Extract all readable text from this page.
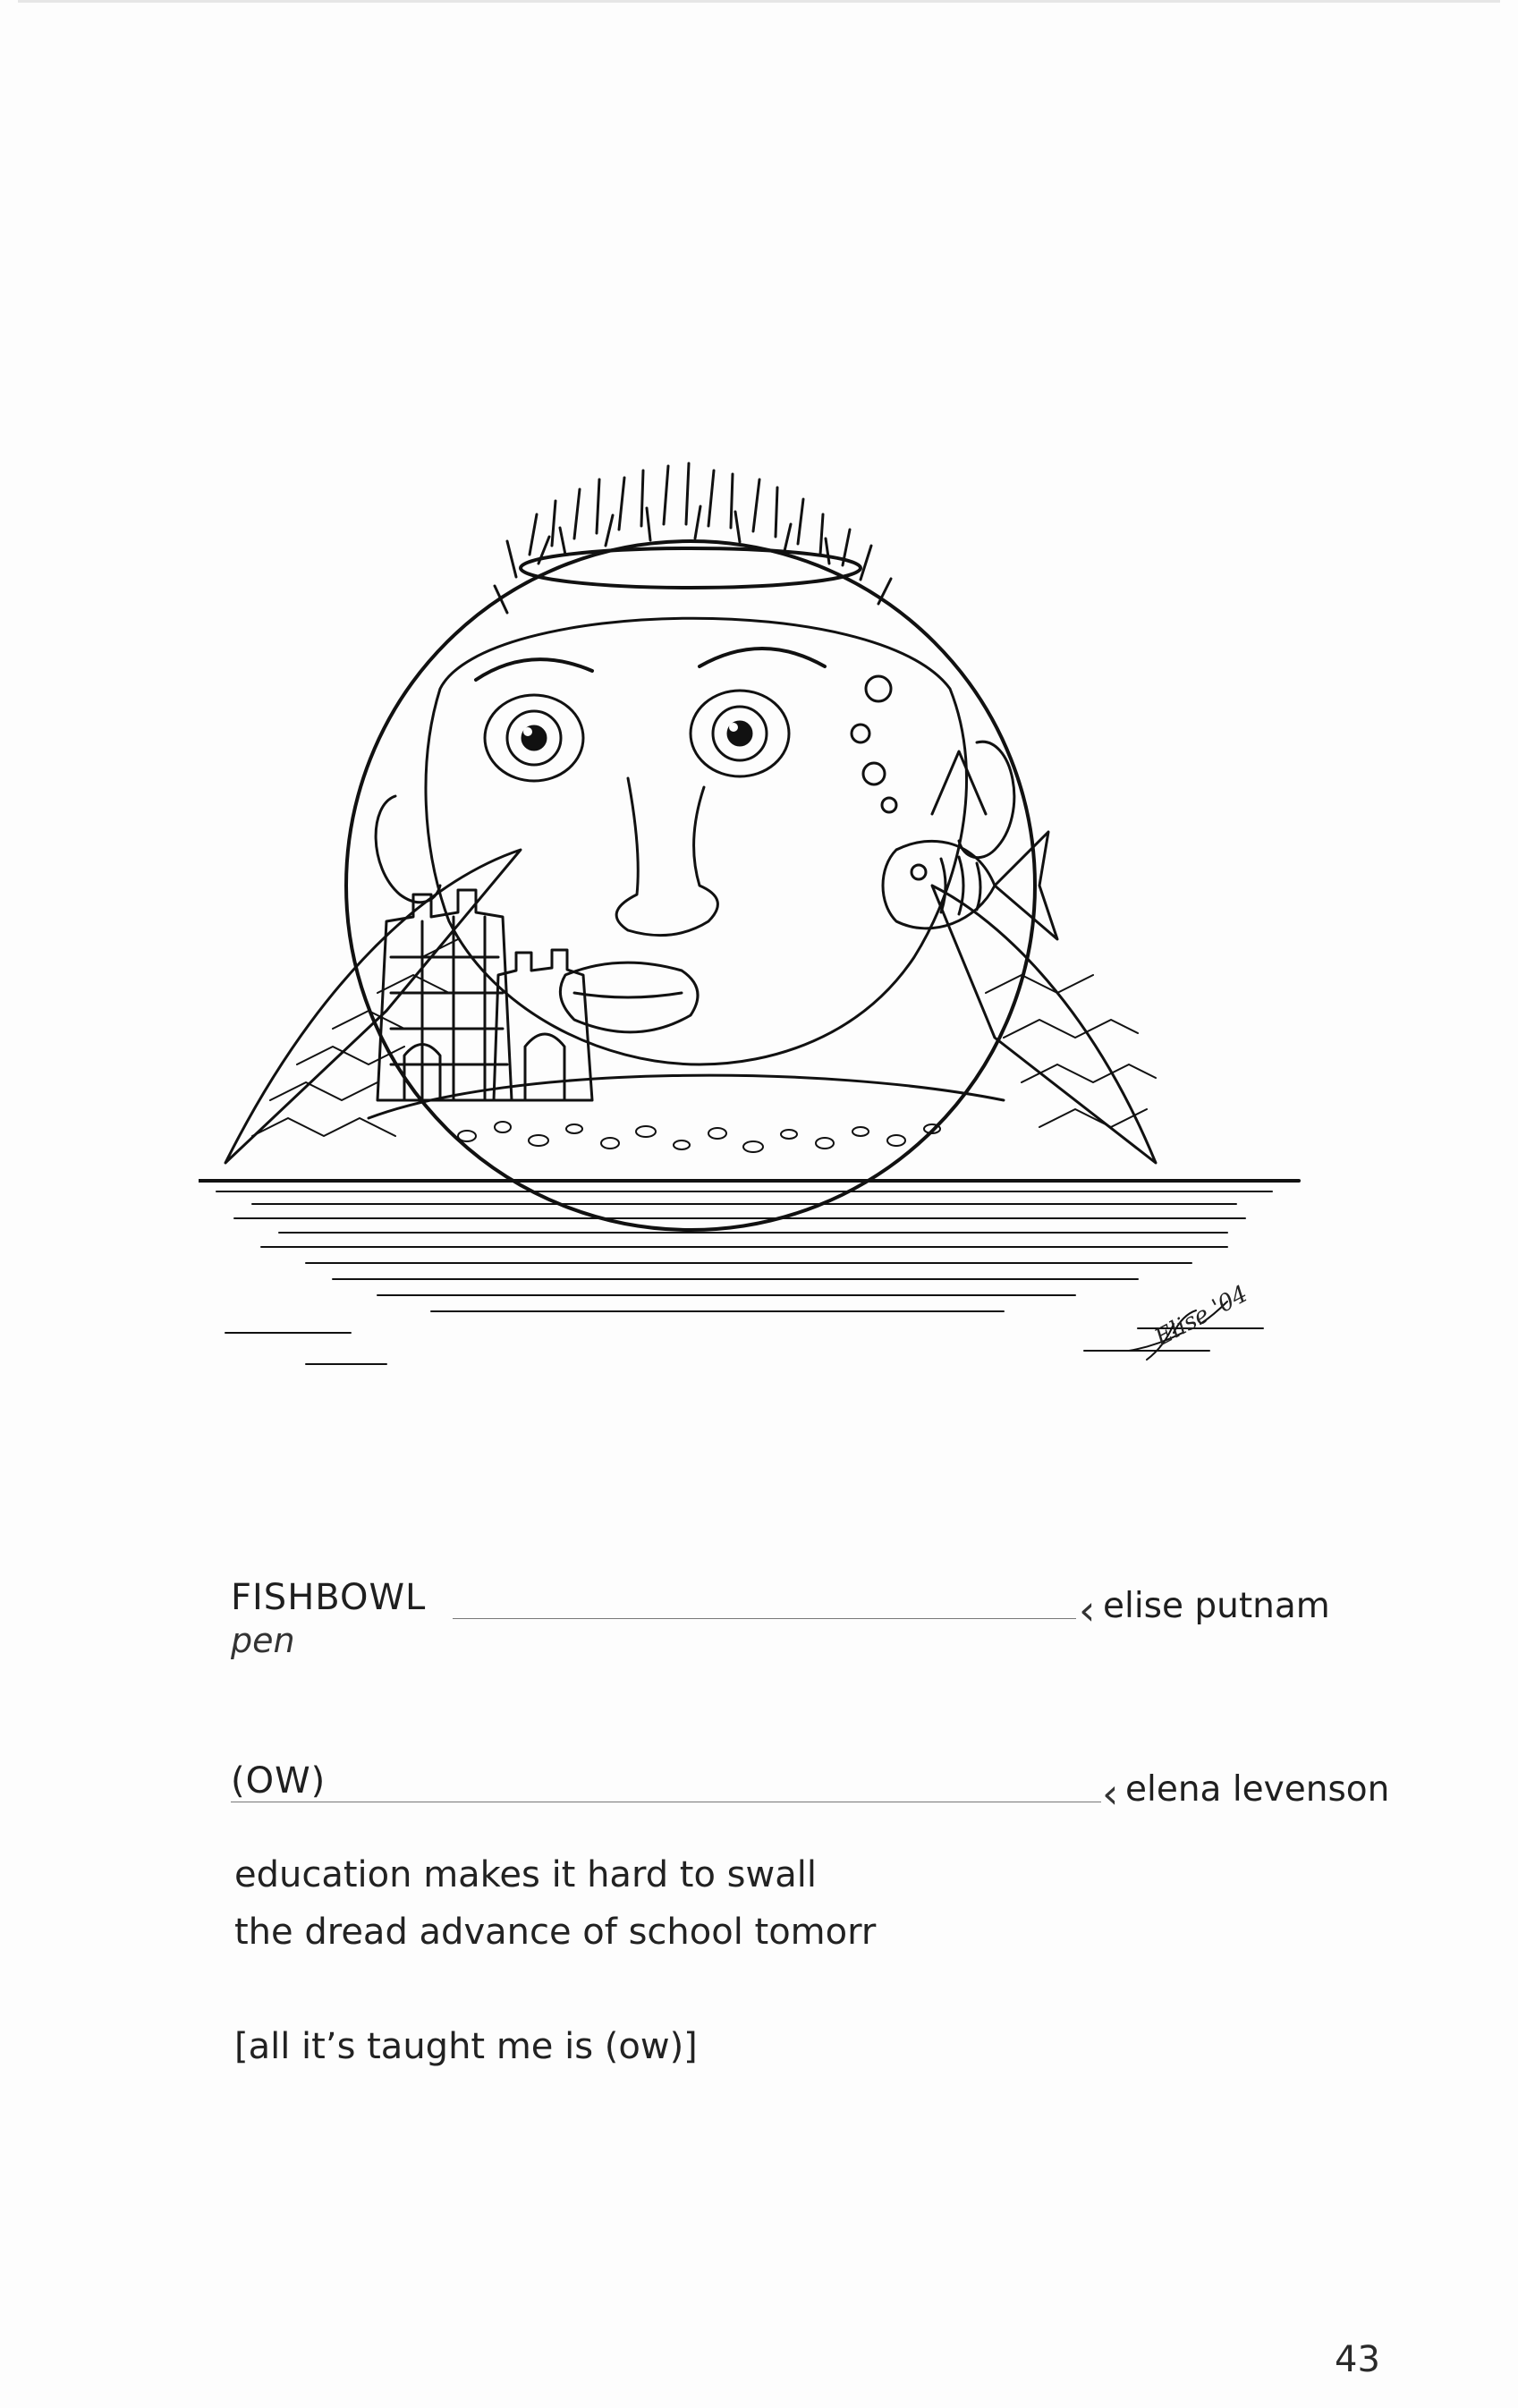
Elise '04
FISHBOWL	‹ elise putnam
pen
(OW)	‹ elena levenson
education makes it hard to swall
the dread advance of school tomorr
[all it’s taught me is (ow)]
43
